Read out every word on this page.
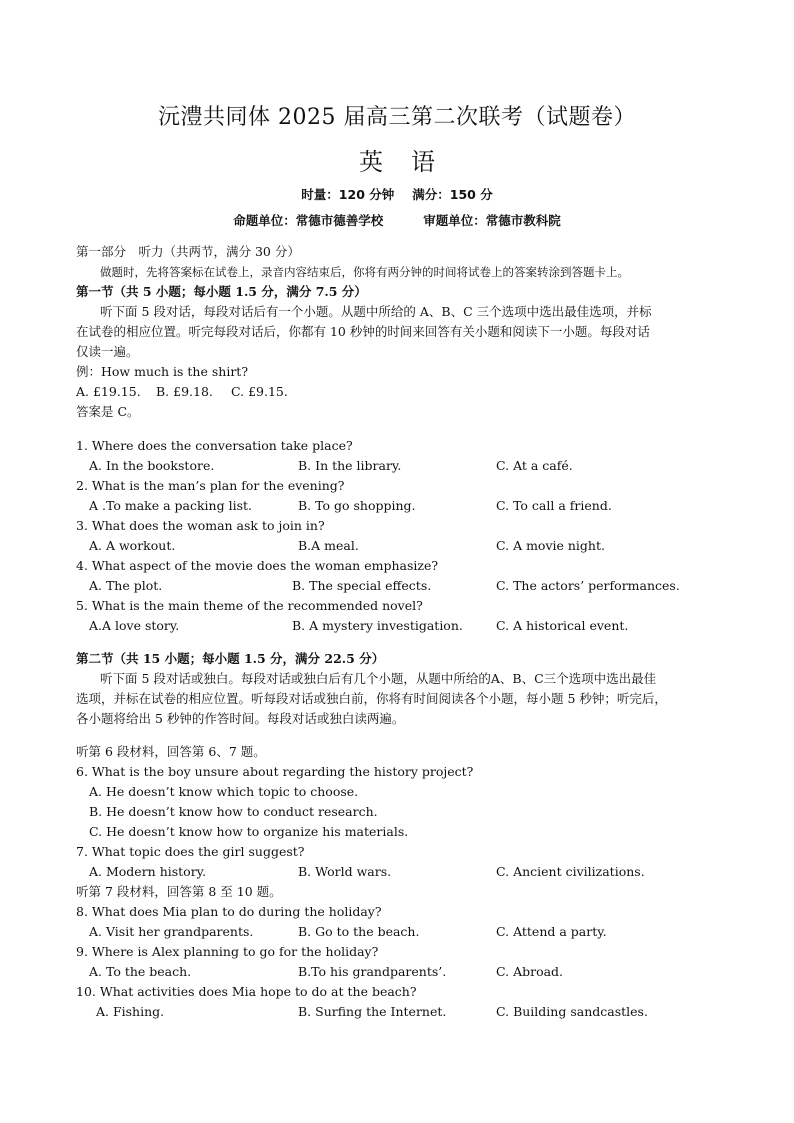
沅澧共同体 2025 届高三第二次联考（试题卷）
英 语
时量：120 分钟 满分：150 分
命题单位：常德市德善学校	审题单位：常德市教科院
第一部分　听力（共两节，满分 30 分）
做题时，先将答案标在试卷上，录音内容结束后，你将有两分钟的时间将试卷上的答案转涂到答题卡上。
第一节（共 5 小题；每小题 1.5 分，满分 7.5 分）
听下面 5 段对话，每段对话后有一个小题。从题中所给的 A、B、C 三个选项中选出最佳选项，并标
在试卷的相应位置。听完每段对话后，你都有 10 秒钟的时间来回答有关小题和阅读下一小题。每段对话
仅读一遍。
例：How much is the shirt?
A. £19.15. B. £9.18. C. £9.15.
答案是 C。
1. Where does the conversation take place?
A. In the bookstore.	B. In the library.	C. At a café.
2. What is the man’s plan for the evening?
A .To make a packing list.	B. To go shopping.	C. To call a friend.
3. What does the woman ask to join in?
A. A workout.	B.A meal.	C. A movie night.
4. What aspect of the movie does the woman emphasize?
A. The plot.	B. The special effects.	C. The actors’ performances.
5. What is the main theme of the recommended novel?
A.A love story.	B. A mystery investigation.	C. A historical event.
第二节（共 15 小题；每小题 1.5 分，满分 22.5 分）
听下面 5 段对话或独白。每段对话或独白后有几个小题，从题中所给的A、B、C三个选项中选出最佳
选项，并标在试卷的相应位置。听每段对话或独白前，你将有时间阅读各个小题，每小题 5 秒钟；听完后，
各小题将给出 5 秒钟的作答时间。每段对话或独白读两遍。
听第 6 段材料，回答第 6、7 题。
6. What is the boy unsure about regarding the history project?
A. He doesn’t know which topic to choose.
B. He doesn’t know how to conduct research.
C. He doesn’t know how to organize his materials.
7. What topic does the girl suggest?
A. Modern history.	B. World wars.	C. Ancient civilizations.
听第 7 段材料，回答第 8 至 10 题。
8. What does Mia plan to do during the holiday?
A. Visit her grandparents.	B. Go to the beach.	C. Attend a party.
9. Where is Alex planning to go for the holiday?
A. To the beach.	B.To his grandparents’.	C. Abroad.
10. What activities does Mia hope to do at the beach?
A. Fishing.	B. Surfing the Internet.	C. Building sandcastles.
